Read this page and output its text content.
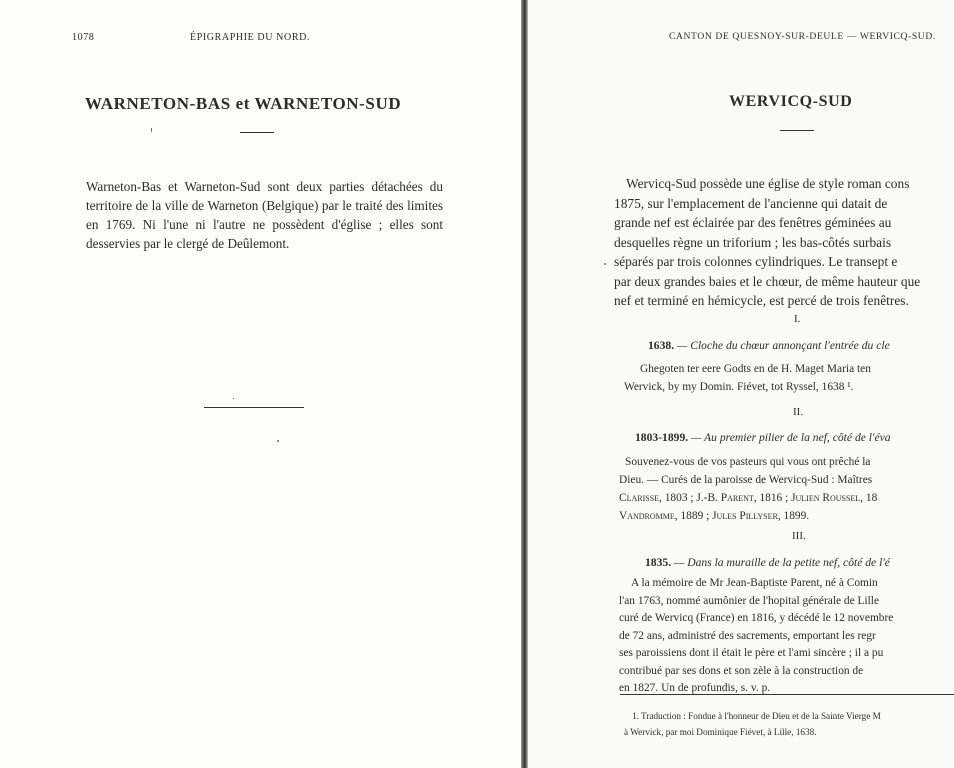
1078	ÉPIGRAPHIE DU NORD.
WARNETON-BAS et WARNETON-SUD
Warneton-Bas et Warneton-Sud sont deux parties détachées du
territoire de la ville de Warneton (Belgique) par le traité des limites
en 1769. Ni l'une ni l'autre ne possèdent d'église ; elles sont
desservies par le clergé de Deûlemont.
CANTON DE QUESNOY-SUR-DEULE — WERVICQ-SUD.
WERVICQ-SUD
Wervicq-Sud possède une église de style roman cons
1875, sur l'emplacement de l'ancienne qui datait de
grande nef est éclairée par des fenêtres géminées au
desquelles règne un triforium ; les bas-côtés surbais
séparés par trois colonnes cylindriques. Le transept e
par deux grandes baies et le chœur, de même hauteur que
nef et terminé en hémicycle, est percé de trois fenêtres.
I.
1638. — Cloche du chœur annonçant l'entrée du cle
Ghegoten ter eere Godts en de H. Maget Maria ten
Wervick, by my Domin. Fiévet, tot Ryssel, 1638 ¹.
II.
1803-1899. — Au premier pilier de la nef, côté de l'éva
Souvenez-vous de vos pasteurs qui vous ont prêché la
Dieu. — Curés de la paroisse de Wervicq-Sud : Maîtres
Clarisse, 1803 ; J.-B. Parent, 1816 ; Julien Roussel, 18
Vandromme, 1889 ; Jules Pillyser, 1899.
III.
1835. — Dans la muraille de la petite nef, côté de l'é
A la mémoire de Mr Jean-Baptiste Parent, né à Comin
l'an 1763, nommé aumônier de l'hopital générale de Lille
curé de Wervicq (France) en 1816, y décédé le 12 novembre
de 72 ans, administré des sacrements, emportant les regr
ses paroissiens dont il était le père et l'ami sincère ; il a pu
contribué par ses dons et son zèle à la construction de
en 1827. Un de profundis, s. v. p.
1. Traduction : Fondue à l'honneur de Dieu et de la Sainte Vierge M
à Wervick, par moi Dominique Fiévet, à Lille, 1638.
